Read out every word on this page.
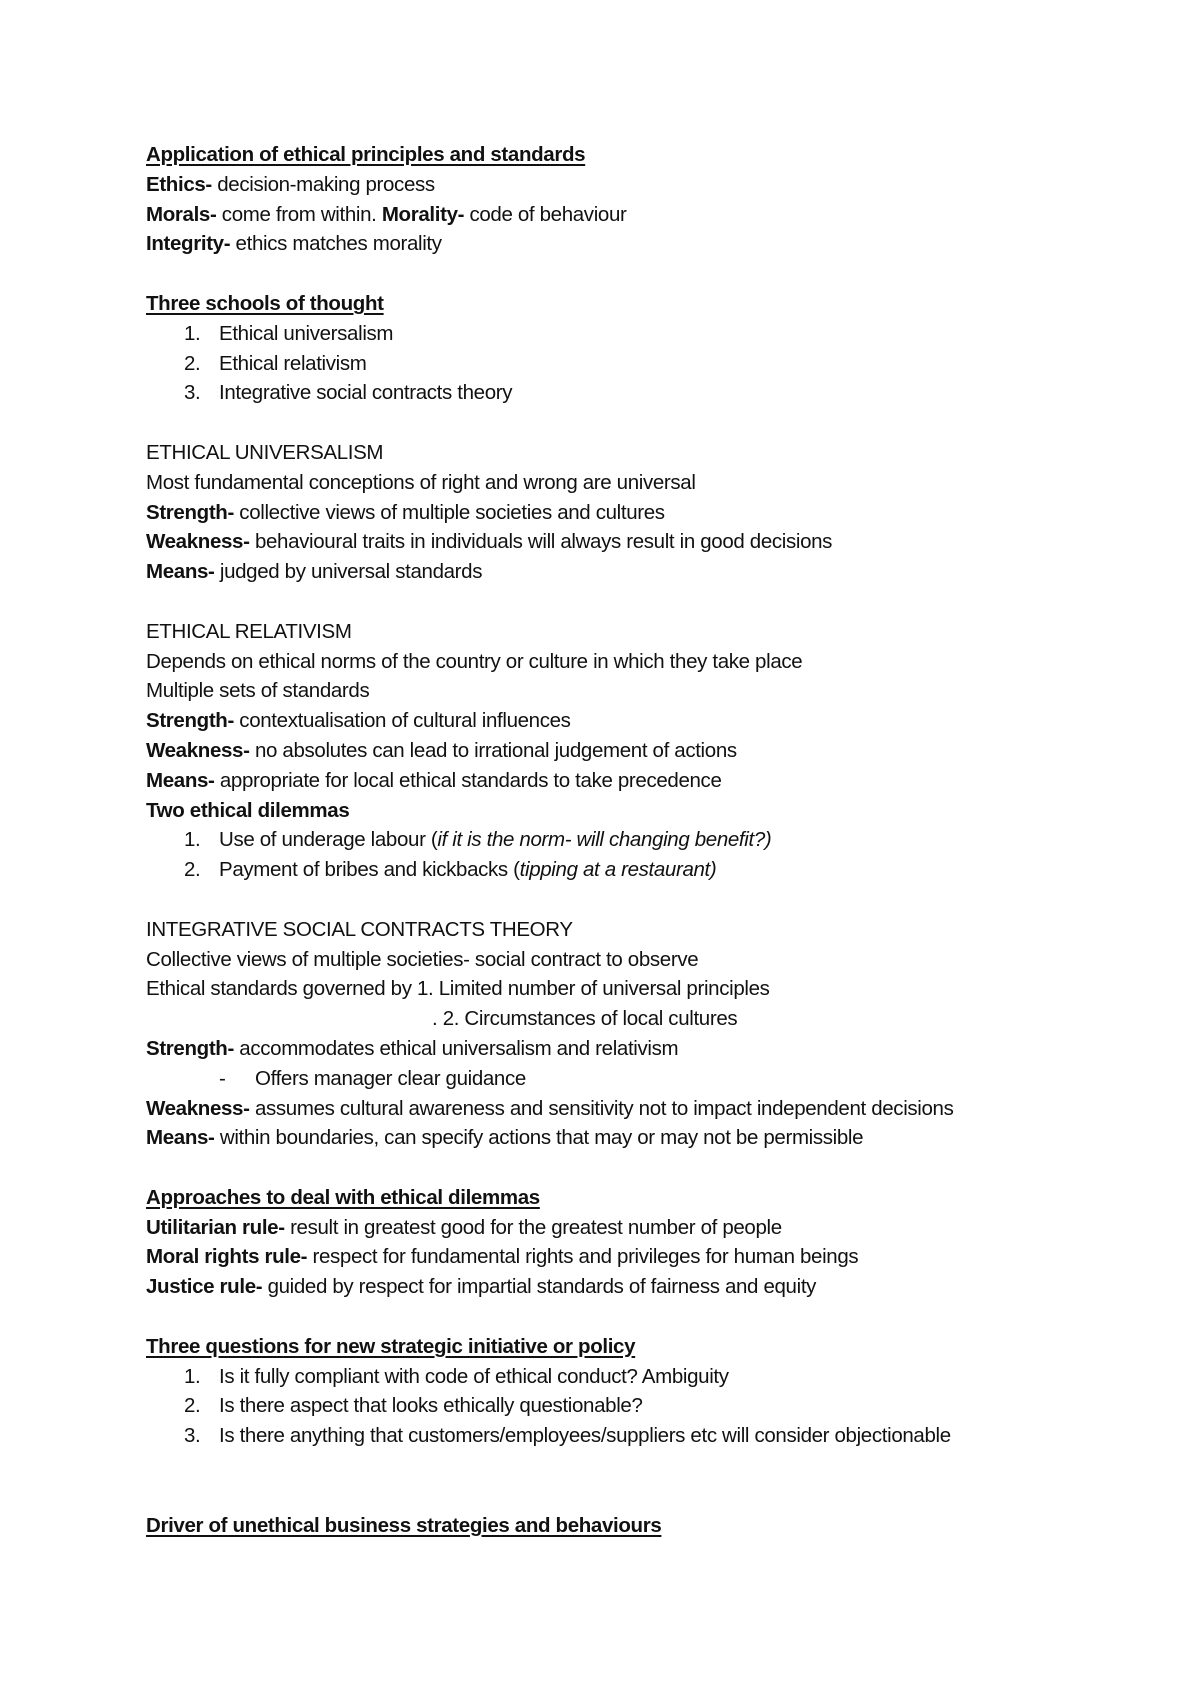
Application of ethical principles and standards
Ethics- decision-making process
Morals- come from within. Morality- code of behaviour
Integrity- ethics matches morality
Three schools of thought
1. Ethical universalism
2. Ethical relativism
3. Integrative social contracts theory
ETHICAL UNIVERSALISM
Most fundamental conceptions of right and wrong are universal
Strength- collective views of multiple societies and cultures
Weakness- behavioural traits in individuals will always result in good decisions
Means- judged by universal standards
ETHICAL RELATIVISM
Depends on ethical norms of the country or culture in which they take place
Multiple sets of standards
Strength- contextualisation of cultural influences
Weakness- no absolutes can lead to irrational judgement of actions
Means- appropriate for local ethical standards to take precedence
Two ethical dilemmas
1. Use of underage labour (if it is the norm- will changing benefit?)
2. Payment of bribes and kickbacks (tipping at a restaurant)
INTEGRATIVE SOCIAL CONTRACTS THEORY
Collective views of multiple societies- social contract to observe
Ethical standards governed by 1. Limited number of universal principles
. 2. Circumstances of local cultures
Strength- accommodates ethical universalism and relativism
- Offers manager clear guidance
Weakness- assumes cultural awareness and sensitivity not to impact independent decisions
Means- within boundaries, can specify actions that may or may not be permissible
Approaches to deal with ethical dilemmas
Utilitarian rule- result in greatest good for the greatest number of people
Moral rights rule- respect for fundamental rights and privileges for human beings
Justice rule- guided by respect for impartial standards of fairness and equity
Three questions for new strategic initiative or policy
1. Is it fully compliant with code of ethical conduct? Ambiguity
2. Is there aspect that looks ethically questionable?
3. Is there anything that customers/employees/suppliers etc will consider objectionable
Driver of unethical business strategies and behaviours
